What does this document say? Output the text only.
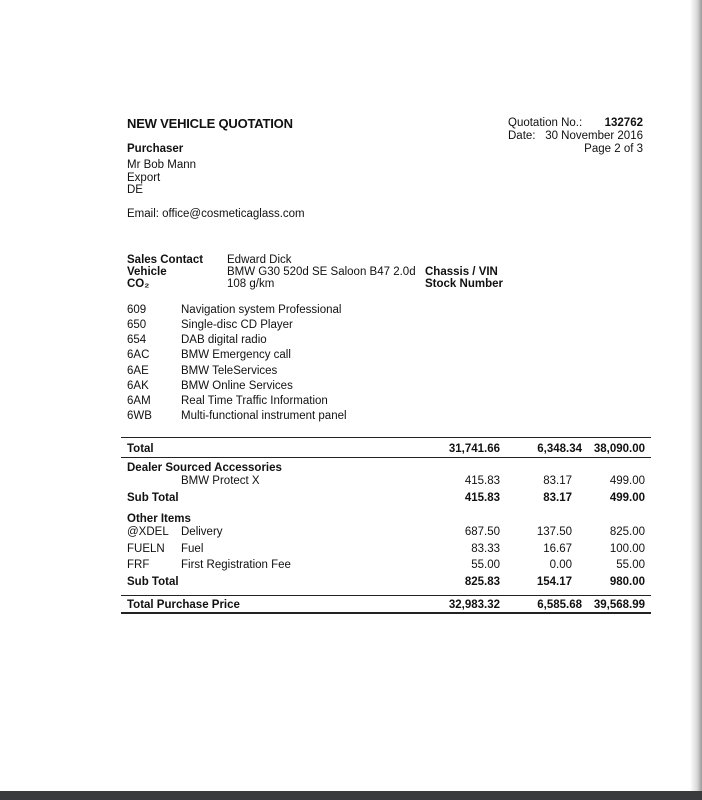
NEW VEHICLE QUOTATION	Quotation No.:	132762
Date: 30 November 2016
Page 2 of 3
Purchaser
Mr Bob Mann
Export
DE
Email: office@cosmeticaglass.com
Sales Contact Edward Dick
Vehicle	BMW G30 520d SE Saloon B47 2.0d
CO₂	108 g/km
Chassis / VIN
Stock Number
609	Navigation system Professional
650	Single-disc CD Player
654	DAB digital radio
6AC	BMW Emergency call
6AE	BMW TeleServices
6AK	BMW Online Services
6AM	Real Time Traffic Information
6WB	Multi-functional instrument panel
Total	31,741.66	6,348.34	38,090.00
Dealer Sourced Accessories
BMW Protect X	415.83	83.17	499.00
Sub Total	415.83	83.17	499.00
Other Items
@XDEL Delivery	687.50	137.50	825.00
FUELN Fuel	83.33	16.67	100.00
FRF	First Registration Fee	55.00	0.00	55.00
Sub Total	825.83	154.17	980.00
Total Purchase Price	32,983.32	6,585.68	39,568.99
